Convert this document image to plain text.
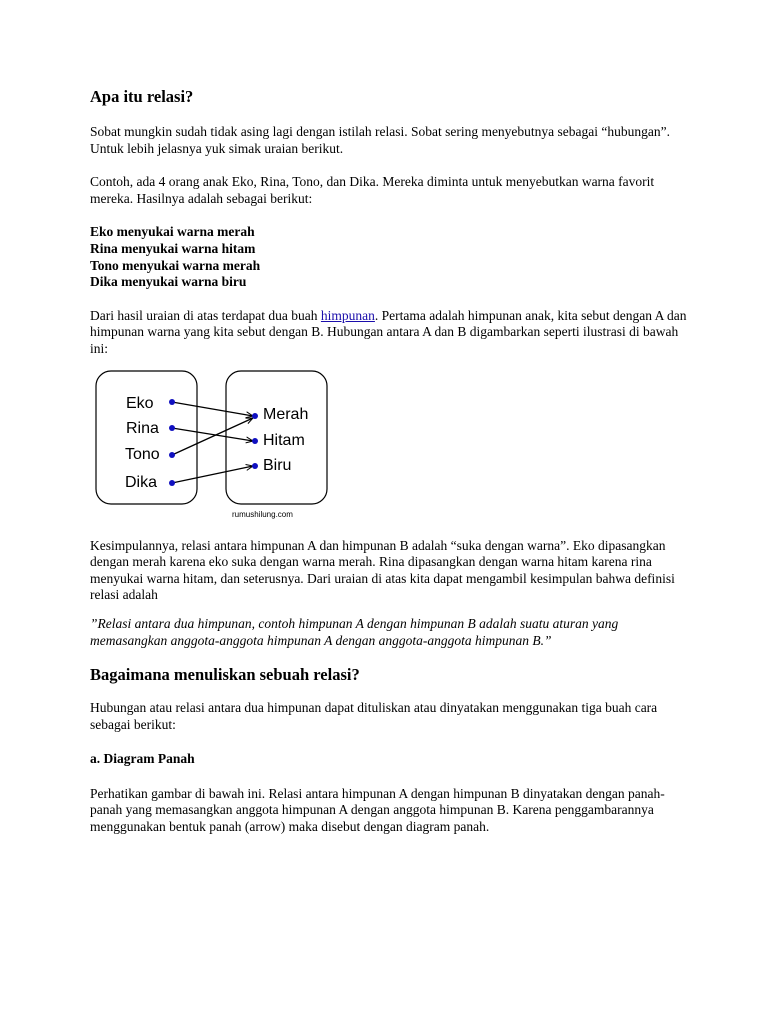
Apa itu relasi?

Sobat mungkin sudah tidak asing lagi dengan istilah relasi. Sobat sering menyebutnya sebagai “hubungan”. Untuk lebih jelasnya yuk simak uraian berikut.

Contoh, ada 4 orang anak Eko, Rina, Tono, dan Dika. Mereka diminta untuk menyebutkan warna favorit mereka. Hasilnya adalah sebagai berikut:

Eko menyukai warna merah

Rina menyukai warna hitam

Tono menyukai warna merah

Dika menyukai warna biru

Dari hasil uraian di atas terdapat dua buah himpunan. Pertama adalah himpunan anak, kita sebut dengan A dan himpunan warna yang kita sebut dengan B. Hubungan antara A dan B digambarkan seperti ilustrasi di bawah ini:

Eko
Rina
Tono
Dika
Merah
Hitam
Biru
rumushilung.com

Kesimpulannya, relasi antara himpunan A dan himpunan B adalah “suka dengan warna”. Eko dipasangkan dengan merah karena eko suka dengan warna merah. Rina dipasangkan dengan warna hitam karena rina menyukai warna hitam, dan seterusnya. Dari uraian di atas kita dapat mengambil kesimpulan bahwa definisi relasi adalah

”Relasi antara dua himpunan, contoh himpunan A dengan himpunan B adalah suatu aturan yang memasangkan anggota-anggota himpunan A dengan anggota-anggota himpunan B.”

Bagaimana menuliskan sebuah relasi?

Hubungan atau relasi antara dua himpunan dapat dituliskan atau dinyatakan menggunakan tiga buah cara sebagai berikut:

a. Diagram Panah

Perhatikan gambar di bawah ini. Relasi antara himpunan A dengan himpunan B dinyatakan dengan panah-panah yang memasangkan anggota himpunan A dengan anggota himpunan B. Karena penggambarannya menggunakan bentuk panah (arrow) maka disebut dengan diagram panah.
